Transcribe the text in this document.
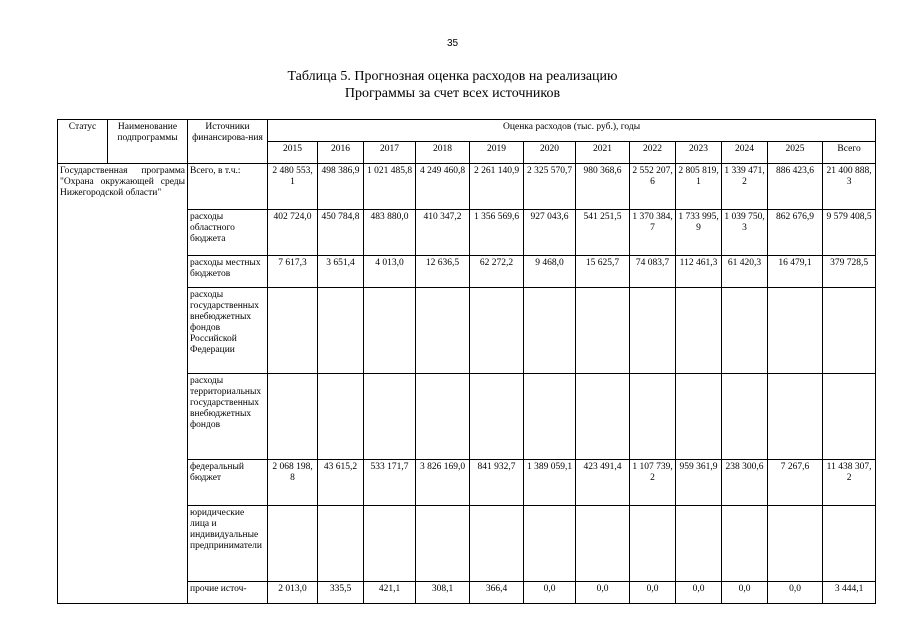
35
Таблица 5. Прогнозная оценка расходов на реализацию
Программы за счет всех источников
Статус	Наименование подпрограммы	Источники финансирова-ния	Оценка расходов (тыс. руб.), годы											
			2015	2016	2017	2018	2019	2020	2021	2022	2023	2024	2025	Всего
Государственная программа "Охрана окружающей среды Нижегородской области"		Всего, в т.ч.:	2 480 553,1	498 386,9	1 021 485,8	4 249 460,8	2 261 140,9	2 325 570,7	980 368,6	2 552 207,6	2 805 819,1	1 339 471,2	886 423,6	21 400 888,3
		расходы областного бюджета	402 724,0	450 784,8	483 880,0	410 347,2	1 356 569,6	927 043,6	541 251,5	1 370 384,7	1 733 995,9	1 039 750,3	862 676,9	9 579 408,5
		расходы местных бюджетов	7 617,3	3 651,4	4 013,0	12 636,5	62 272,2	9 468,0	15 625,7	74 083,7	112 461,3	61 420,3	16 479,1	379 728,5
		расходы государственных внебюджетных фондов Российской Федерации												
		расходы территориальных государственных внебюджетных фондов												
		федеральный бюджет	2 068 198,8	43 615,2	533 171,7	3 826 169,0	841 932,7	1 389 059,1	423 491,4	1 107 739,2	959 361,9	238 300,6	7 267,6	11 438 307,2
		юридические лица и индивидуальные предприниматели												
		прочие источ-	2 013,0	335,5	421,1	308,1	366,4	0,0	0,0	0,0	0,0	0,0	0,0	3 444,1
